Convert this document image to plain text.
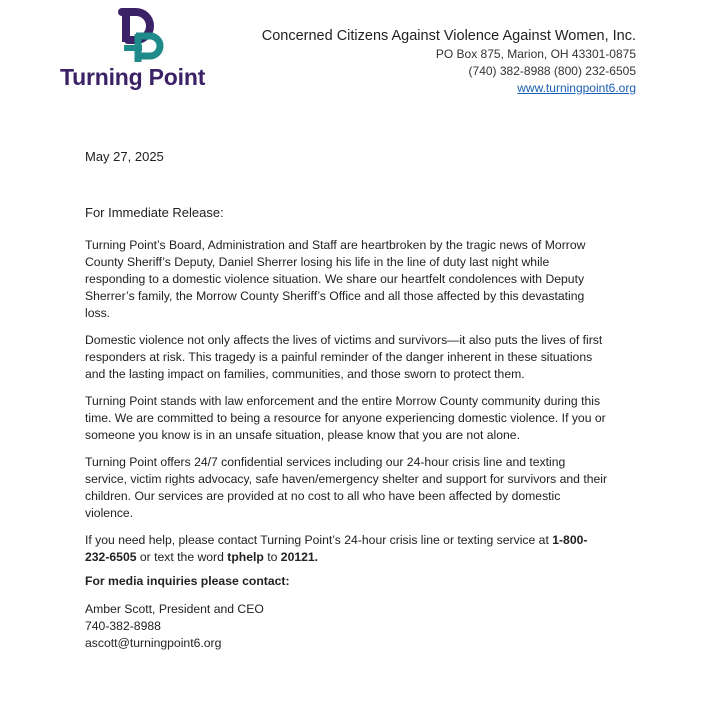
Turning Point
Concerned Citizens Against Violence Against Women, Inc.
PO Box 875, Marion, OH 43301-0875
(740) 382-8988 (800) 232-6505
www.turningpoint6.org
May 27, 2025
For Immediate Release:
Turning Point’s Board, Administration and Staff are heartbroken by the tragic news of Morrow County Sheriff’s Deputy, Daniel Sherrer losing his life in the line of duty last night while responding to a domestic violence situation. We share our heartfelt condolences with Deputy Sherrer’s family, the Morrow County Sheriff’s Office and all those affected by this devastating loss.
Domestic violence not only affects the lives of victims and survivors—it also puts the lives of first responders at risk. This tragedy is a painful reminder of the danger inherent in these situations and the lasting impact on families, communities, and those sworn to protect them.
Turning Point stands with law enforcement and the entire Morrow County community during this time. We are committed to being a resource for anyone experiencing domestic violence. If you or someone you know is in an unsafe situation, please know that you are not alone.
Turning Point offers 24/7 confidential services including our 24-hour crisis line and texting service, victim rights advocacy, safe haven/emergency shelter and support for survivors and their children. Our services are provided at no cost to all who have been affected by domestic violence.
If you need help, please contact Turning Point’s 24-hour crisis line or texting service at 1-800-232-6505 or text the word tphelp to 20121.
For media inquiries please contact:
Amber Scott, President and CEO
740-382-8988
ascott@turningpoint6.org
